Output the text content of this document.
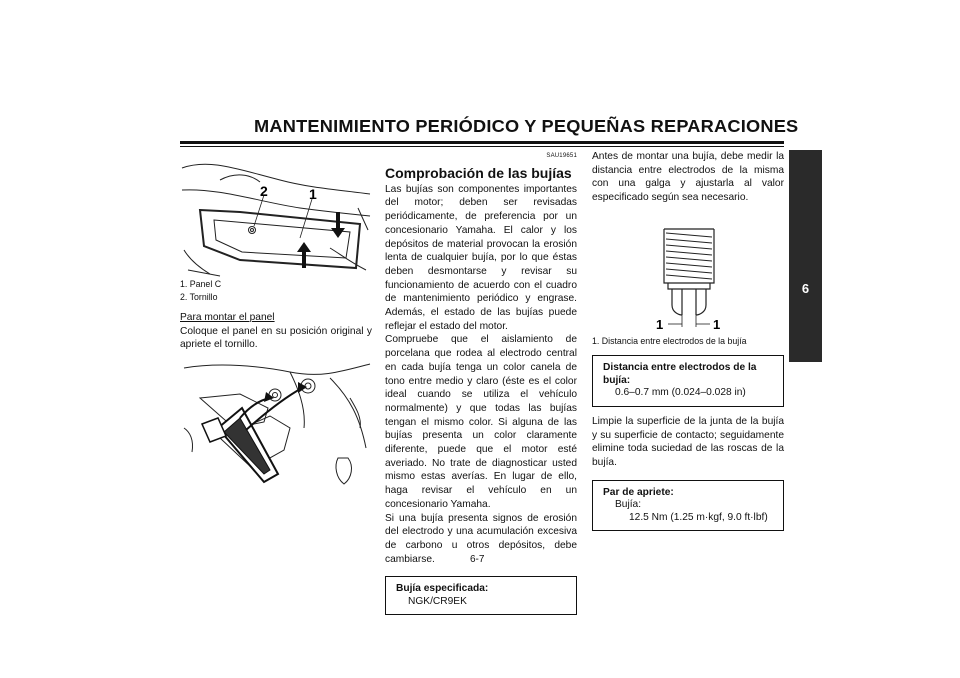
MANTENIMIENTO PERIÓDICO Y PEQUEÑAS REPARACIONES
6
2	1
1. Panel C
2. Tornillo
Para montar el panel
Coloque el panel en su posición original y apriete el tornillo.
SAU19651
Comprobación de las bujías
Las bujías son componentes importantes del motor; deben ser revisadas periódicamente, de preferencia por un concesionario Yamaha. El calor y los depósitos de material provocan la erosión lenta de cualquier bujía, por lo que éstas deben desmontarse y revisar su funcionamiento de acuerdo con el cuadro de mantenimiento periódico y engrase. Además, el estado de las bujías puede reflejar el estado del motor.
Compruebe que el aislamiento de porcelana que rodea al electrodo central en cada bujía tenga un color canela de tono entre medio y claro (éste es el color ideal cuando se utiliza el vehículo normalmente) y que todas las bujías tengan el mismo color. Si alguna de las bujías presenta un color claramente diferente, puede que el motor esté averiado. No trate de diagnosticar usted mismo estas averías. En lugar de ello, haga revisar el vehículo en un concesionario Yamaha.
Si una bujía presenta signos de erosión del electrodo y una acumulación excesiva de carbono u otros depósitos, debe cambiarse.
Bujía especificada:
NGK/CR9EK
Antes de montar una bujía, debe medir la distancia entre electrodos de la misma con una galga y ajustarla al valor especificado según sea necesario.
1	1
1. Distancia entre electrodos de la bujía
Distancia entre electrodos de la bujía:
0.6–0.7 mm (0.024–0.028 in)
Limpie la superficie de la junta de la bujía y su superficie de contacto; seguidamente elimine toda suciedad de las roscas de la bujía.
Par de apriete:
Bujía:
12.5 Nm (1.25 m·kgf, 9.0 ft·lbf)
6-7
